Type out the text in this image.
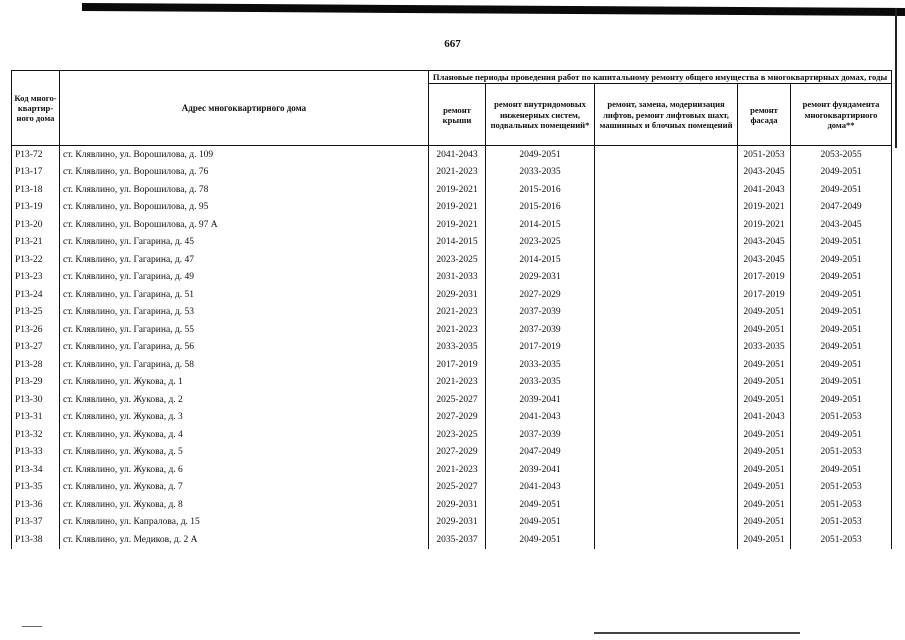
667
Код много-квартир-ного дома	Адрес многоквартирного дома	Плановые периоды проведения работ по капитальному ремонту общего имущества в многоквартирных домах, годы				
		ремонт крыши	ремонт внутридомовых инженерных систем, подвальных помещений*	ремонт, замена, модернизация лифтов, ремонт лифтовых шахт, машинных и блочных помещений	ремонт фасада	ремонт фундамента многоквартирного дома**
Р13-72	ст. Клявлино, ул. Ворошилова, д. 109	2041-2043	2049-2051		2051-2053	2053-2055
Р13-17	ст. Клявлино, ул. Ворошилова, д. 76	2021-2023	2033-2035		2043-2045	2049-2051
Р13-18	ст. Клявлино, ул. Ворошилова, д. 78	2019-2021	2015-2016		2041-2043	2049-2051
Р13-19	ст. Клявлино, ул. Ворошилова, д. 95	2019-2021	2015-2016		2019-2021	2047-2049
Р13-20	ст. Клявлино, ул. Ворошилова, д. 97 А	2019-2021	2014-2015		2019-2021	2043-2045
Р13-21	ст. Клявлино, ул. Гагарина, д. 45	2014-2015	2023-2025		2043-2045	2049-2051
Р13-22	ст. Клявлино, ул. Гагарина, д. 47	2023-2025	2014-2015		2043-2045	2049-2051
Р13-23	ст. Клявлино, ул. Гагарина, д. 49	2031-2033	2029-2031		2017-2019	2049-2051
Р13-24	ст. Клявлино, ул. Гагарина, д. 51	2029-2031	2027-2029		2017-2019	2049-2051
Р13-25	ст. Клявлино, ул. Гагарина, д. 53	2021-2023	2037-2039		2049-2051	2049-2051
Р13-26	ст. Клявлино, ул. Гагарина, д. 55	2021-2023	2037-2039		2049-2051	2049-2051
Р13-27	ст. Клявлино, ул. Гагарина, д. 56	2033-2035	2017-2019		2033-2035	2049-2051
Р13-28	ст. Клявлино, ул. Гагарина, д. 58	2017-2019	2033-2035		2049-2051	2049-2051
Р13-29	ст. Клявлино, ул. Жукова, д. 1	2021-2023	2033-2035		2049-2051	2049-2051
Р13-30	ст. Клявлино, ул. Жукова, д. 2	2025-2027	2039-2041		2049-2051	2049-2051
Р13-31	ст. Клявлино, ул. Жукова, д. 3	2027-2029	2041-2043		2041-2043	2051-2053
Р13-32	ст. Клявлино, ул. Жукова, д. 4	2023-2025	2037-2039		2049-2051	2049-2051
Р13-33	ст. Клявлино, ул. Жукова, д. 5	2027-2029	2047-2049		2049-2051	2051-2053
Р13-34	ст. Клявлино, ул. Жукова, д. 6	2021-2023	2039-2041		2049-2051	2049-2051
Р13-35	ст. Клявлино, ул. Жукова, д. 7	2025-2027	2041-2043		2049-2051	2051-2053
Р13-36	ст. Клявлино, ул. Жукова, д. 8	2029-2031	2049-2051		2049-2051	2051-2053
Р13-37	ст. Клявлино, ул. Капралова, д. 15	2029-2031	2049-2051		2049-2051	2051-2053
Р13-38	ст. Клявлино, ул. Медиков, д. 2 А	2035-2037	2049-2051		2049-2051	2051-2053
